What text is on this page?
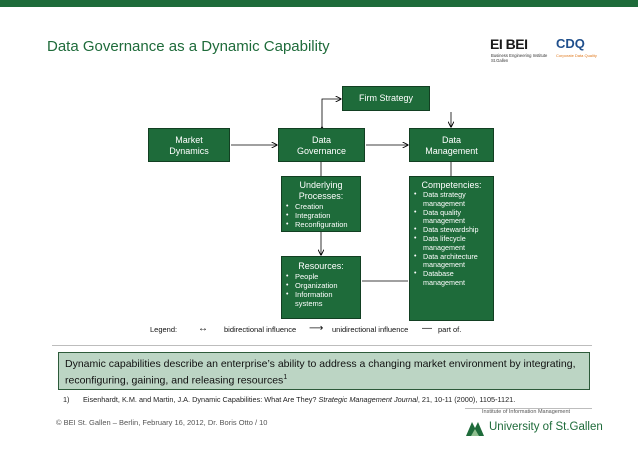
Data Governance as a Dynamic Capability	EI BEI
Business Engineering Institute St.Gallen
CDQ
Corporate Data Quality
Firm Strategy
Market
Dynamics
Data
Governance
Data
Management
Underlying
Processes:
• Creation
• Integration
• Reconfiguration
Resources:
• People
• Organization
• Information systems
Competencies:
• Data strategy management
• Data quality management
• Data stewardship
• Data lifecycle management
• Data architecture management
• Database management
Legend: ↔ bidirectional influence ⟶ unidirectional influence — part of.
Dynamic capabilities describe an enterprise’s ability to address a changing market environment by integrating, reconfiguring, gaining, and releasing resources$^1$
1) Eisenhardt, K.M. and Martin, J.A. Dynamic Capabilities: What Are They? Strategic Management Journal, 21, 10-11 (2000), 1105-1121.
© BEI St. Gallen – Berlin, February 16, 2012, Dr. Boris Otto / 10
Institute of Information Management
University of St.Gallen
